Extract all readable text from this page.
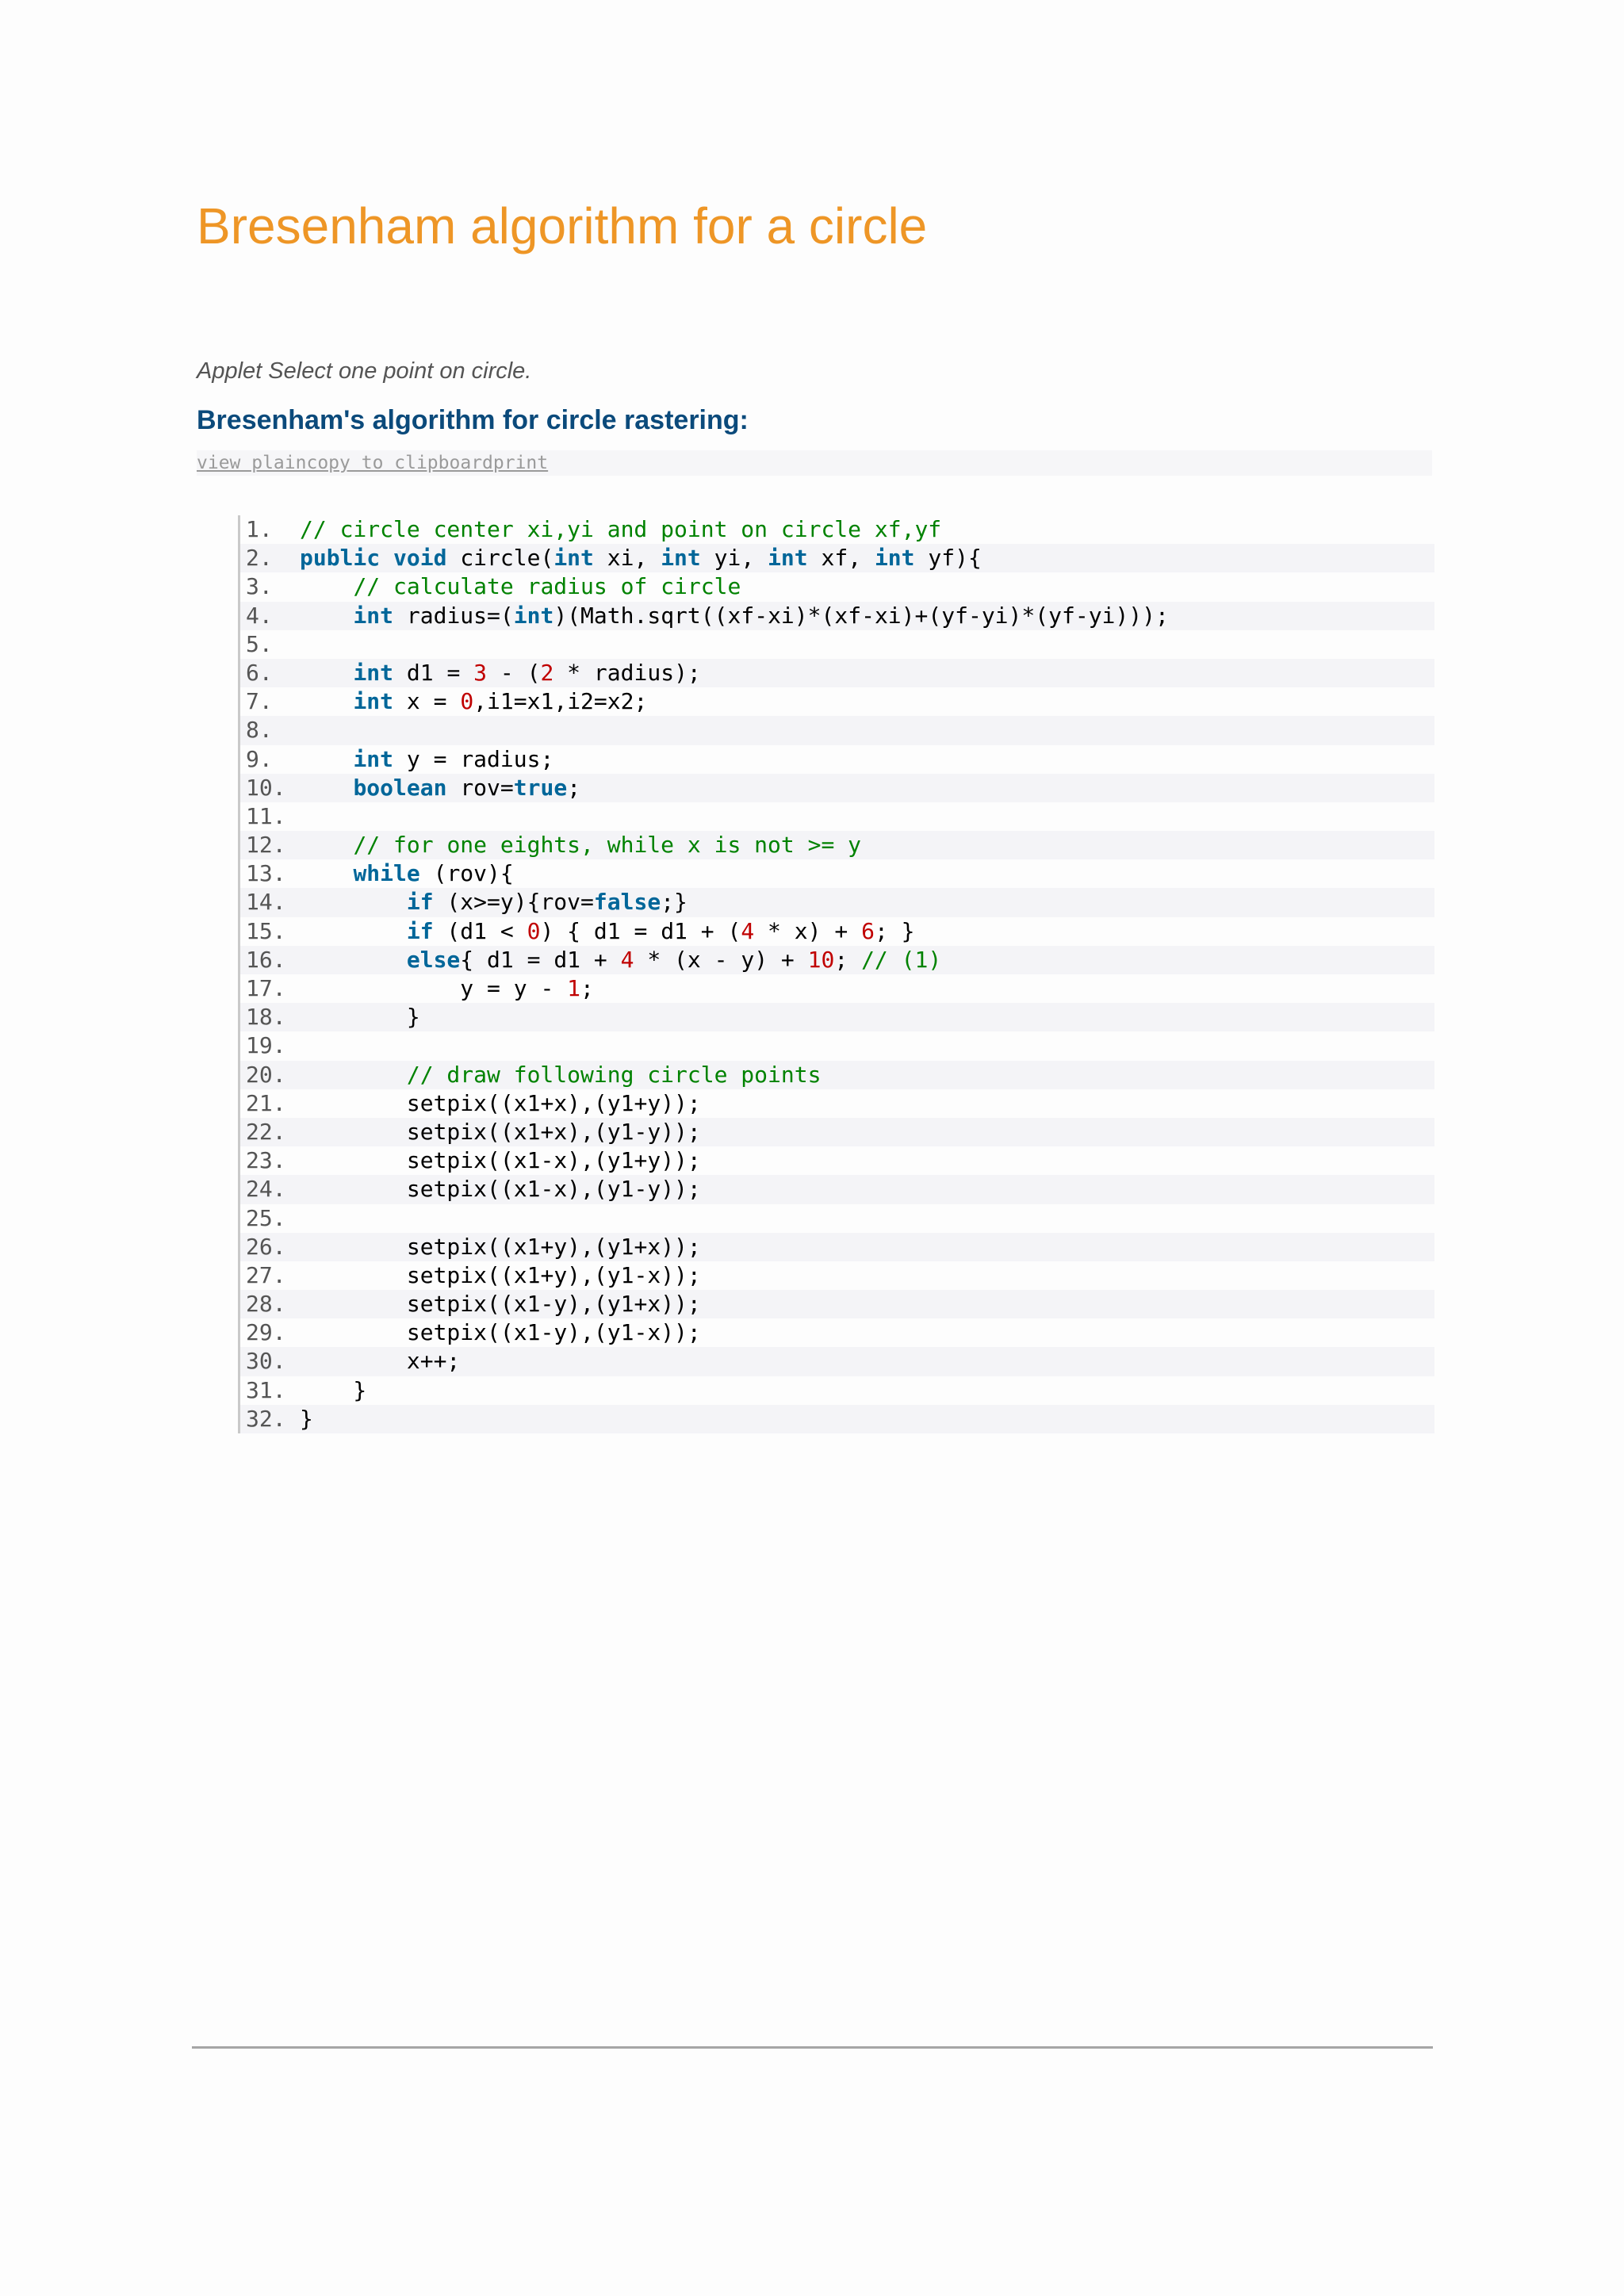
Bresenham algorithm for a circle
Applet Select one point on circle.
Bresenham's algorithm for circle rastering:
view plaincopy to clipboardprint
1.	// circle center xi,yi and point on circle xf,yf
2.	public void circle(int xi, int yi, int xf, int yf){
3.	// calculate radius of circle
4.	int radius=(int)(Math.sqrt((xf-xi)*(xf-xi)+(yf-yi)*(yf-yi)));
5.
6.	int d1 = 3 - (2 * radius);
7.	int x = 0,i1=x1,i2=x2;
8.
9.	int y = radius;
10.	boolean rov=true;
11.
12.	// for one eights, while x is not >= y
13.	while (rov){
14.	if (x>=y){rov=false;}
15.	if (d1 < 0) { d1 = d1 + (4 * x) + 6; }
16.	else{ d1 = d1 + 4 * (x - y) + 10; // (1)
17.	y = y - 1;
18. }
19.
20.	// draw following circle points
21.	setpix((x1+x),(y1+y));
22.	setpix((x1+x),(y1-y));
23.	setpix((x1-x),(y1+y));
24.	setpix((x1-x),(y1-y));
25.
26.	setpix((x1+y),(y1+x));
27.	setpix((x1+y),(y1-x));
28.	setpix((x1-y),(y1+x));
29.	setpix((x1-y),(y1-x));
30.	x++;
31. }
32. }
